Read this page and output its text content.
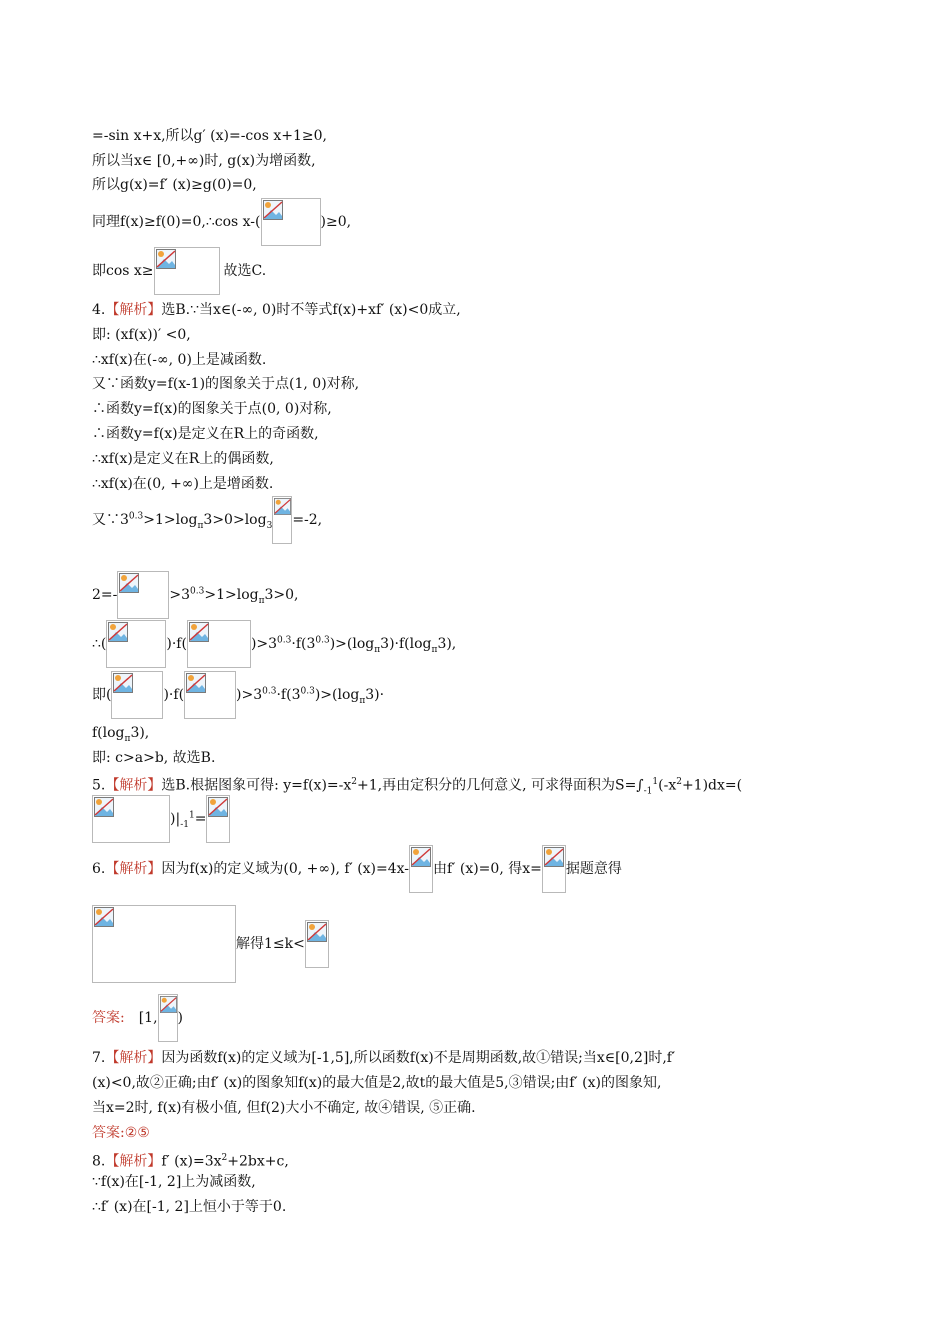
=-sin x+x,所以g′ (x)=-cos x+1≥0,
所以当x∈ [0,+∞)时, g(x)为增函数,
所以g(x)=f′ (x)≥g(0)=0,
同理f(x)≥f(0)=0,∴cos x-(	)≥0,
即cos x≥	故选C.
4.【解析】选B.∵当x∈(-∞, 0)时不等式f(x)+xf′ (x)<0成立,
即: (xf(x))′ <0,
∴xf(x)在(-∞, 0)上是减函数.
又∵函数y=f(x-1)的图象关于点(1, 0)对称,
∴函数y=f(x)的图象关于点(0, 0)对称,
∴函数y=f(x)是定义在R上的奇函数,
∴xf(x)是定义在R上的偶函数,
∴xf(x)在(0, +∞)上是增函数.
又$\because 3^{0.3}>1>\log_\pi 3>0>\log_3 =-2$,
2=-	$>3^{0.3}>1>\log_\pi 3>0$,
∴(	)·f(	)$>3^{0.3}\cdot f(3^{0.3})>(\log_\pi 3)\cdot f(\log_\pi 3)$,
即(	)·f(	)$>3^{0.3}\cdot f(3^{0.3})>(\log_\pi 3)\cdot$
$f(\log_\pi 3)$,
即: c>a>b, 故选B.
5.【解析】选B.根据图象可得: $y=f(x)=-x^2+1$,再由定积分的几何意义, 可求得面积为$S=\int_{-1}^1(-x^2+1)dx=$(
)$|_{-1}^1=$
6.【解析】因为f(x)的定义域为(0, +∞), f′ (x)=4x- 由f′ (x)=0, 得x= 据题意得
解得1≤k<
答案: [1, )
7.【解析】因为函数f(x)的定义域为[-1,5],所以函数f(x)不是周期函数,故①错误;当x∈[0,2]时,f′
(x)<0,故②正确;由f′ (x)的图象知f(x)的最大值是2,故t的最大值是5,③错误;由f′ (x)的图象知,
当x=2时, f(x)有极小值, 但f(2)大小不确定, 故④错误, ⑤正确.
答案:②⑤
8.【解析】f′ $(x)=3x^2+2bx+c$,
∵f(x)在[-1, 2]上为减函数,
∴f′ (x)在[-1, 2]上恒小于等于0.
